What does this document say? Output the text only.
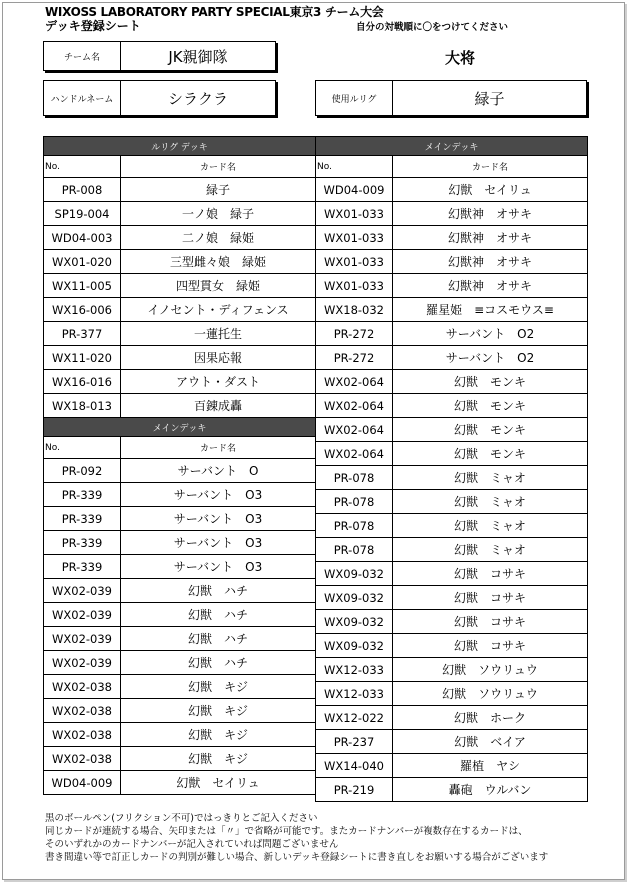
WIXOSS LABORATORY PARTY SPECIAL東京3 チーム大会
デッキ登録シート	自分の対戦順に〇をつけてください
チーム名	JK親御隊	大将
ハンドルネーム	シラクラ	使用ルリグ	緑子
ルリグ デッキ	
No.	カード名
PR-008	緑子
SP19-004	一ノ娘　緑子
WD04-003	二ノ娘　緑姫
WX01-020	三型雌々娘　緑姫
WX11-005	四型貫女　緑姫
WX16-006	イノセント・ディフェンス
PR-377	一蓮托生
WX11-020	因果応報
WX16-016	アウト・ダスト
WX18-013	百錬成轟
メインデッキ	
No.	カード名
PR-092	サーバント　O
PR-339	サーバント　O3
PR-339	サーバント　O3
PR-339	サーバント　O3
PR-339	サーバント　O3
WX02-039	幻獣　ハチ
WX02-039	幻獣　ハチ
WX02-039	幻獣　ハチ
WX02-039	幻獣　ハチ
WX02-038	幻獣　キジ
WX02-038	幻獣　キジ
WX02-038	幻獣　キジ
WX02-038	幻獣　キジ
WD04-009	幻獣　セイリュ
メインデッキ	
No.	カード名
WD04-009	幻獣　セイリュ
WX01-033	幻獣神　オサキ
WX01-033	幻獣神　オサキ
WX01-033	幻獣神　オサキ
WX01-033	幻獣神　オサキ
WX18-032	羅星姫　≡コスモウス≡
PR-272	サーバント　O2
PR-272	サーバント　O2
WX02-064	幻獣　モンキ
WX02-064	幻獣　モンキ
WX02-064	幻獣　モンキ
WX02-064	幻獣　モンキ
PR-078	幻獣　ミャオ
PR-078	幻獣　ミャオ
PR-078	幻獣　ミャオ
PR-078	幻獣　ミャオ
WX09-032	幻獣　コサキ
WX09-032	幻獣　コサキ
WX09-032	幻獣　コサキ
WX09-032	幻獣　コサキ
WX12-033	幻獣　ソウリュウ
WX12-033	幻獣　ソウリュウ
WX12-022	幻獣　ホーク
PR-237	幻獣　ベイア
WX14-040	羅植　ヤシ
PR-219	轟砲　ウルバン
黒のボールペン(フリクション不可)ではっきりとご記入ください
同じカードが連続する場合、矢印または「〃」で省略が可能です。またカードナンバーが複数存在するカードは、
そのいずれかのカードナンバーが記入されていれば問題ございません
書き間違い等で訂正しカードの判別が難しい場合、新しいデッキ登録シートに書き直しをお願いする場合がございます
